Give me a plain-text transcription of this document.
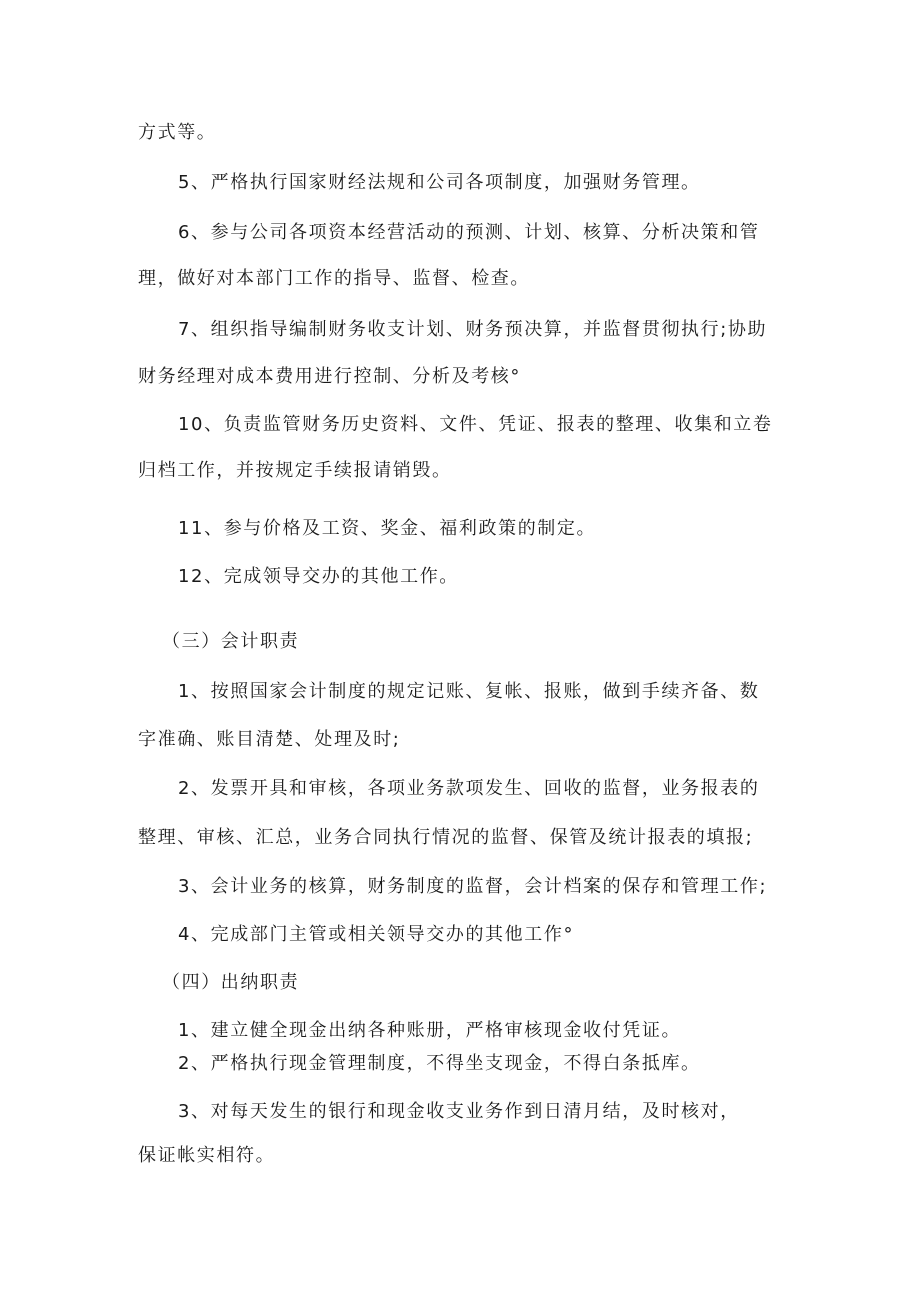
方式等。
5、严格执行国家财经法规和公司各项制度，加强财务管理。
6、参与公司各项资本经营活动的预测、计划、核算、分析决策和管
理，做好对本部门工作的指导、监督、检查。
7、组织指导编制财务收支计划、财务预决算，并监督贯彻执行;协助
财务经理对成本费用进行控制、分析及考核°
10、负责监管财务历史资料、文件、凭证、报表的整理、收集和立卷
归档工作，并按规定手续报请销毁。
11、参与价格及工资、奖金、福利政策的制定。
12、完成领导交办的其他工作。
（三）会计职责
1、按照国家会计制度的规定记账、复帐、报账，做到手续齐备、数
字准确、账目清楚、处理及时;
2、发票开具和审核，各项业务款项发生、回收的监督，业务报表的
整理、审核、汇总，业务合同执行情况的监督、保管及统计报表的填报;
3、会计业务的核算，财务制度的监督，会计档案的保存和管理工作;
4、完成部门主管或相关领导交办的其他工作°
（四）出纳职责
1、建立健全现金出纳各种账册，严格审核现金收付凭证。
2、严格执行现金管理制度，不得坐支现金，不得白条抵库。
3、对每天发生的银行和现金收支业务作到日清月结，及时核对，
保证帐实相符。
